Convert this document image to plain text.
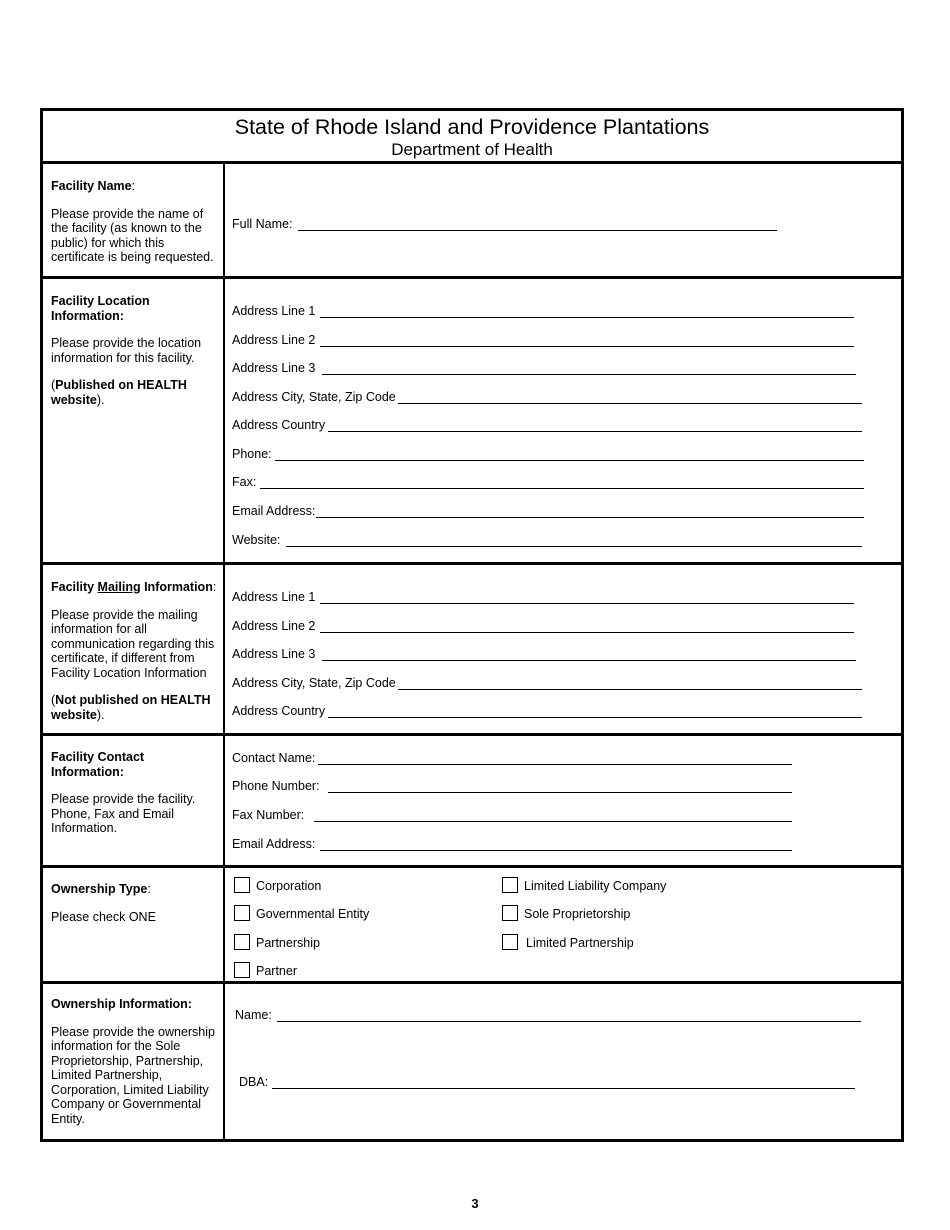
State of Rhode Island and Providence Plantations
Department of Health

Facility Name:

Please provide the name of the facility (as known to the public) for which this certificate is being requested.

Full Name:

Facility Location Information:

Please provide the location information for this facility.

(Published on HEALTH website).

Address Line 1
Address Line 2
Address Line 3
Address City, State, Zip Code
Address Country
Phone:
Fax:
Email Address:
Website:

Facility Mailing Information:

Please provide the mailing information for all communication regarding this certificate, if different from Facility Location Information

(Not published on HEALTH website).

Address Line 1
Address Line 2
Address Line 3
Address City, State, Zip Code
Address Country

Facility Contact Information:

Please provide the facility. Phone, Fax and Email Information.

Contact Name:
Phone Number:
Fax Number:
Email Address:

Ownership Type:

Please check ONE

Corporation
Governmental Entity
Partnership
Partner
Limited Liability Company
Sole Proprietorship
Limited Partnership

Ownership Information:

Please provide the ownership information for the Sole Proprietorship, Partnership, Limited Partnership, Corporation, Limited Liability Company or Governmental Entity.

Name:
DBA:
3
